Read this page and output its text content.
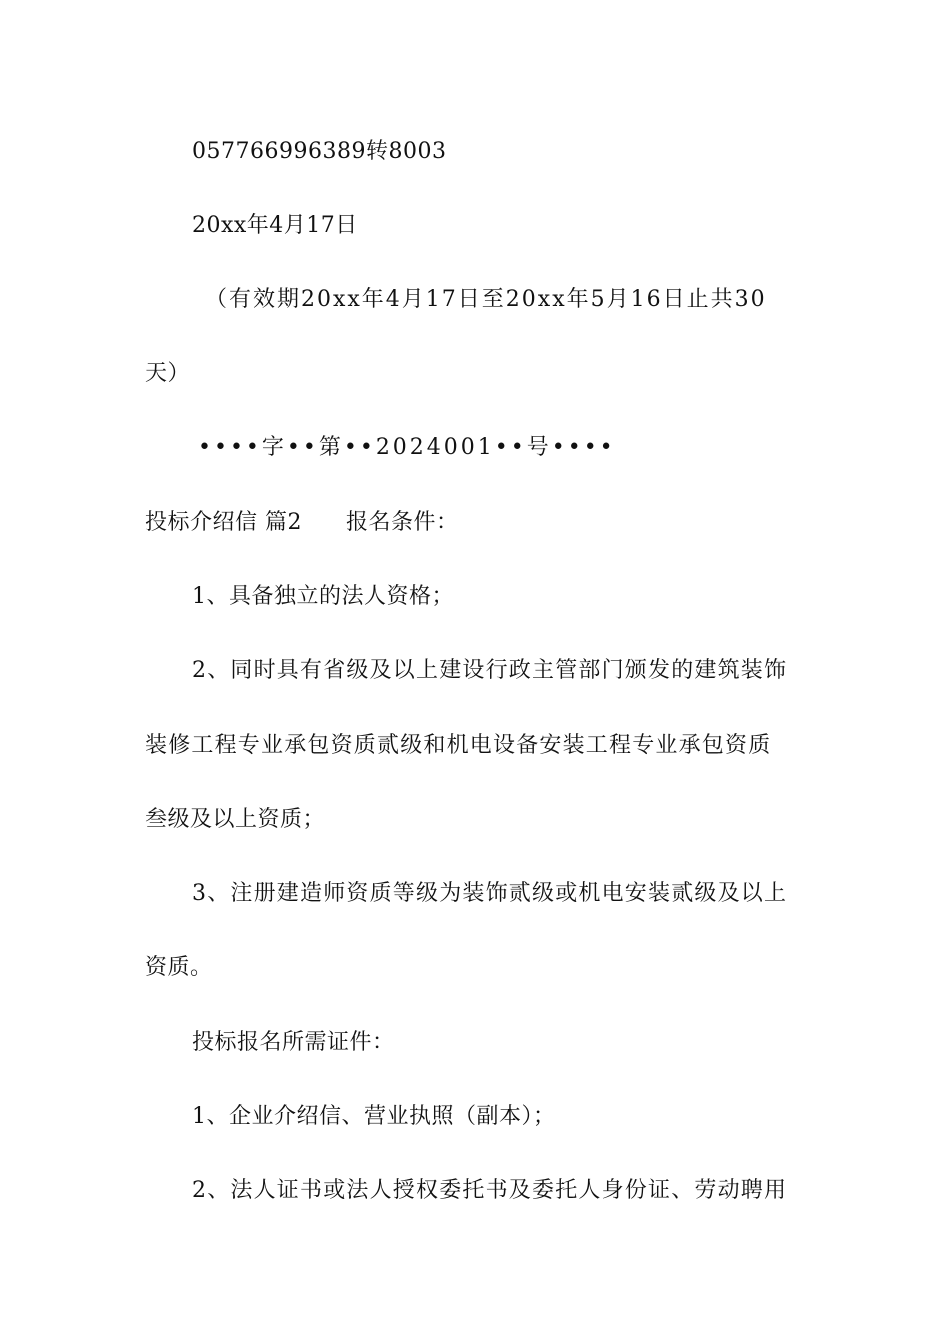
057766996389转8003
20xx年4月17日
（有效期20xx年4月17日至20xx年5月16日止共30
天）
••••字••第••2024001••号••••
投标介绍信 篇2 报名条件：
1、具备独立的法人资格；
2、同时具有省级及以上建设行政主管部门颁发的建筑装饰
装修工程专业承包资质贰级和机电设备安装工程专业承包资质
叁级及以上资质；
3、注册建造师资质等级为装饰贰级或机电安装贰级及以上
资质。
投标报名所需证件：
1、企业介绍信、营业执照（副本）；
2、法人证书或法人授权委托书及委托人身份证、劳动聘用
